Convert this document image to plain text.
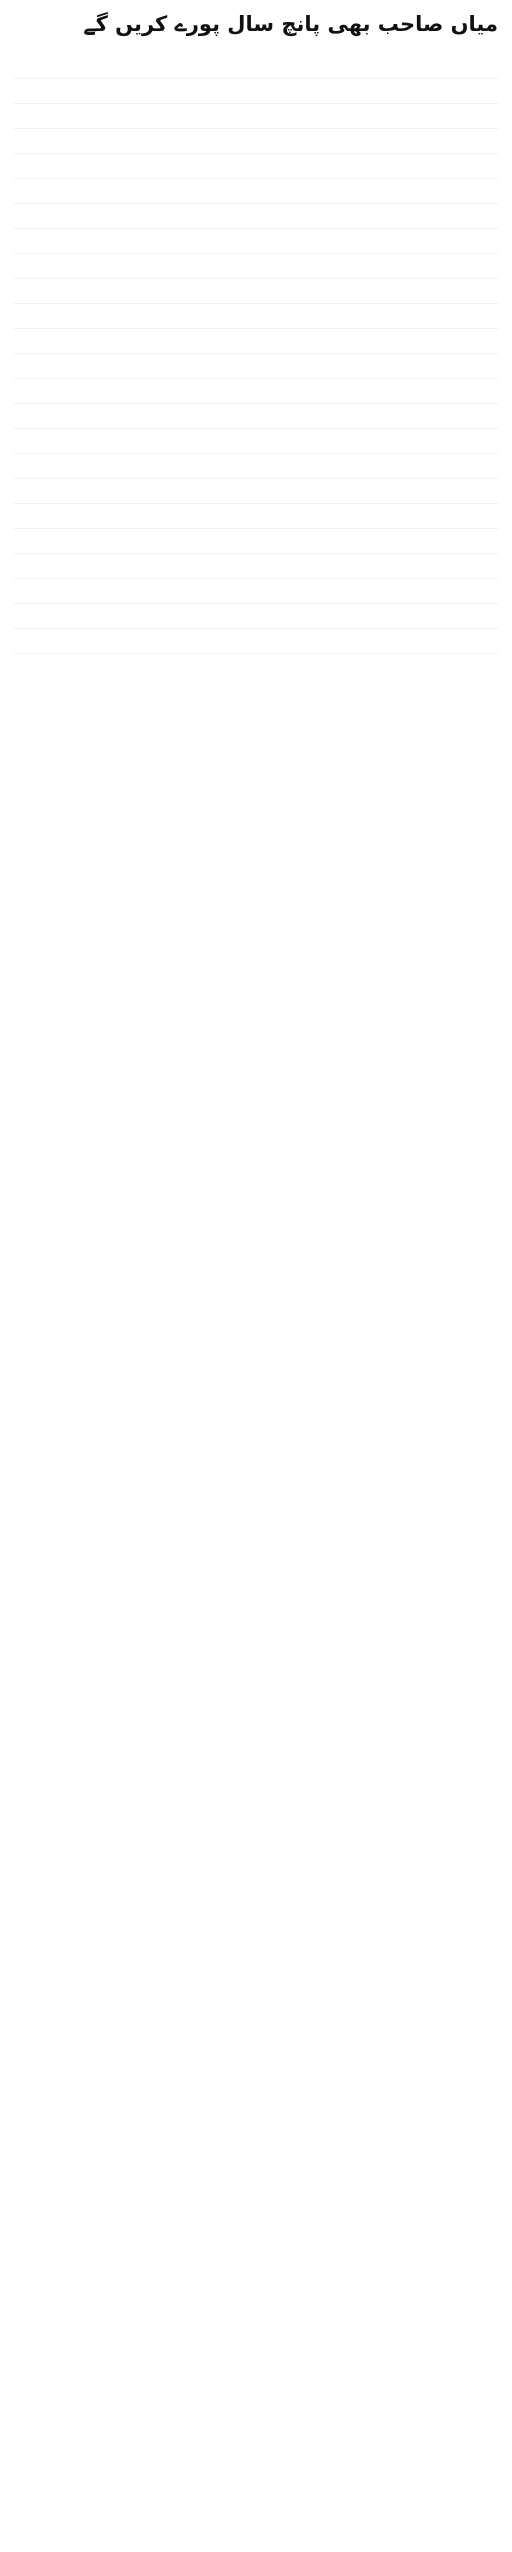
میاں صاحب بھی پانچ سال پورے کریں گے
